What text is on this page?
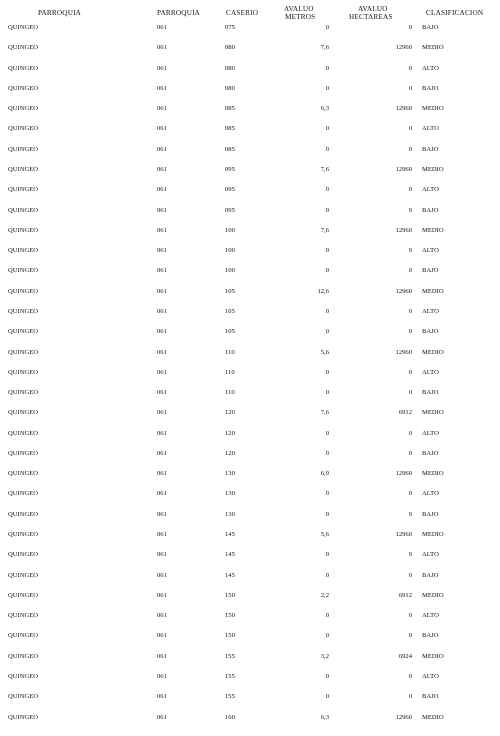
PARROQUIA	PARROQUIA	CASERIO	AVALUO
METROS
AVALUO
HECTAREAS	CLASIFICACION
QUINGEO	061	075	0	0 BAJO
QUINGEO	061	080	7,6	12960 MEDIO
QUINGEO	061	080	0	0 ALTO
QUINGEO	061	080	0	0 BAJO
QUINGEO	061	085	6,3	12960 MEDIO
QUINGEO	061	085	0	0 ALTO
QUINGEO	061	085	0	0 BAJO
QUINGEO	061	095	7,6	12960 MEDIO
QUINGEO	061	095	0	0 ALTO
QUINGEO	061	095	0	0 BAJO
QUINGEO	061	100	7,6	12960 MEDIO
QUINGEO	061	100	0	0 ALTO
QUINGEO	061	100	0	0 BAJO
QUINGEO	061	105	12,6	12960 MEDIO
QUINGEO	061	105	0	0 ALTO
QUINGEO	061	105	0	0 BAJO
QUINGEO	061	110	5,6	12960 MEDIO
QUINGEO	061	110	0	0 ALTO
QUINGEO	061	110	0	0 BAJO
QUINGEO	061	120	7,6	6912 MEDIO
QUINGEO	061	120	0	0 ALTO
QUINGEO	061	120	0	0 BAJO
QUINGEO	061	130	6,9	12960 MEDIO
QUINGEO	061	130	0	0 ALTO
QUINGEO	061	130	0	0 BAJO
QUINGEO	061	145	5,6	12960 MEDIO
QUINGEO	061	145	0	0 ALTO
QUINGEO	061	145	0	0 BAJO
QUINGEO	061	150	2,2	6912 MEDIO
QUINGEO	061	150	0	0 ALTO
QUINGEO	061	150	0	0 BAJO
QUINGEO	061	155	3,2	6924 MEDIO
QUINGEO	061	155	0	0 ALTO
QUINGEO	061	155	0	0 BAJO
QUINGEO	061	160	6,3	12960 MEDIO
